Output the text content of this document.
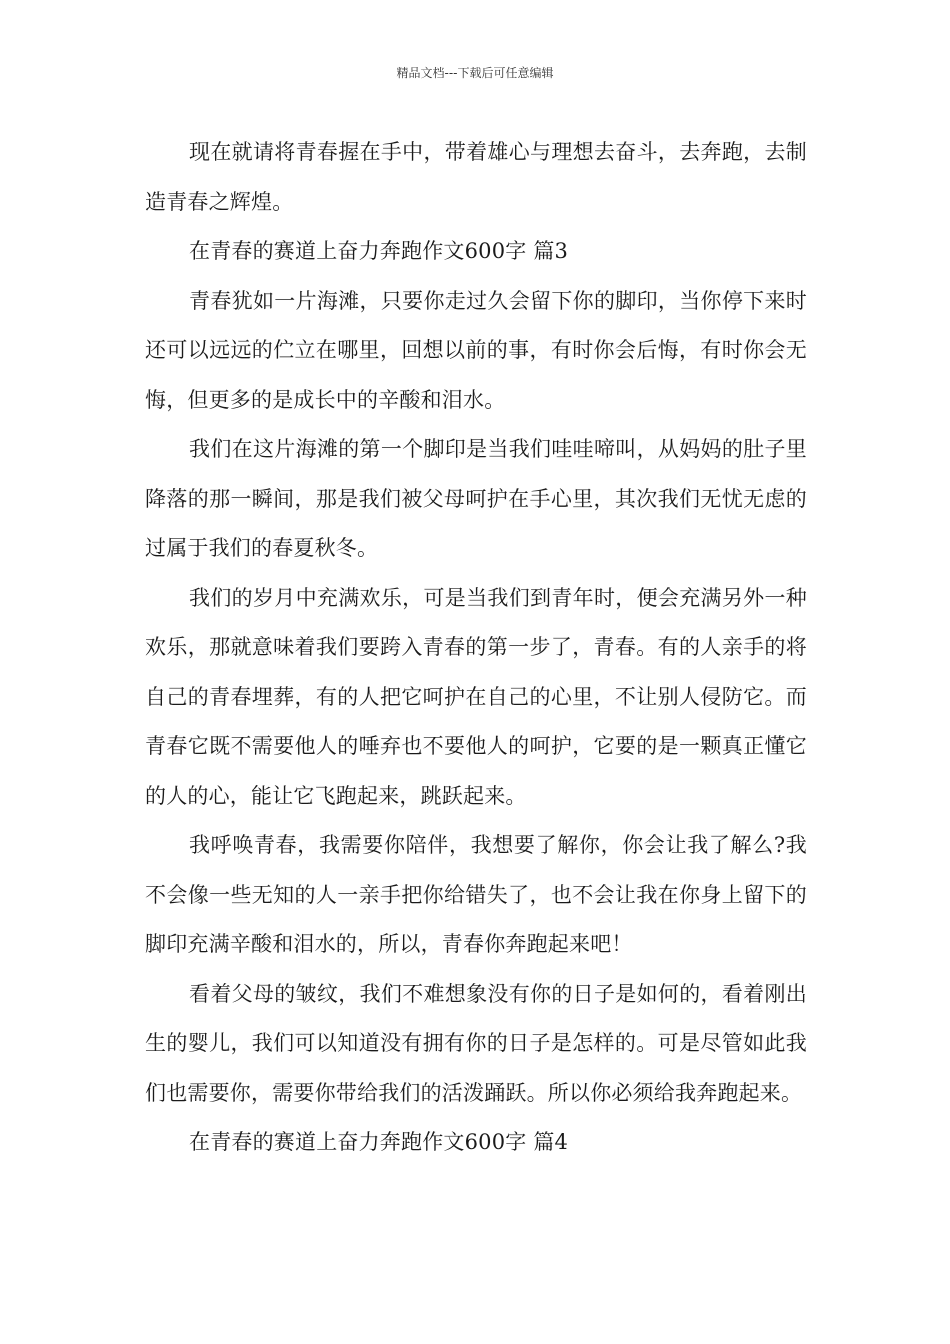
精品文档---下载后可任意编辑

现在就请将青春握在手中，带着雄心与理想去奋斗，去奔跑，去制造青春之辉煌。

在青春的赛道上奋力奔跑作文600字 篇3

青春犹如一片海滩，只要你走过久会留下你的脚印，当你停下来时还可以远远的伫立在哪里，回想以前的事，有时你会后悔，有时你会无悔，但更多的是成长中的辛酸和泪水。

我们在这片海滩的第一个脚印是当我们哇哇啼叫，从妈妈的肚子里降落的那一瞬间，那是我们被父母呵护在手心里，其次我们无忧无虑的过属于我们的春夏秋冬。

我们的岁月中充满欢乐，可是当我们到青年时，便会充满另外一种欢乐，那就意味着我们要跨入青春的第一步了，青春。有的人亲手的将自己的青春埋葬，有的人把它呵护在自己的心里，不让别人侵防它。而青春它既不需要他人的唾弃也不要他人的呵护，它要的是一颗真正懂它的人的心，能让它飞跑起来，跳跃起来。

我呼唤青春，我需要你陪伴，我想要了解你，你会让我了解么?我不会像一些无知的人一亲手把你给错失了，也不会让我在你身上留下的脚印充满辛酸和泪水的，所以，青春你奔跑起来吧！

看着父母的皱纹，我们不难想象没有你的日子是如何的，看着刚出生的婴儿，我们可以知道没有拥有你的日子是怎样的。可是尽管如此我们也需要你，需要你带给我们的活泼踊跃。所以你必须给我奔跑起来。

在青春的赛道上奋力奔跑作文600字 篇4
